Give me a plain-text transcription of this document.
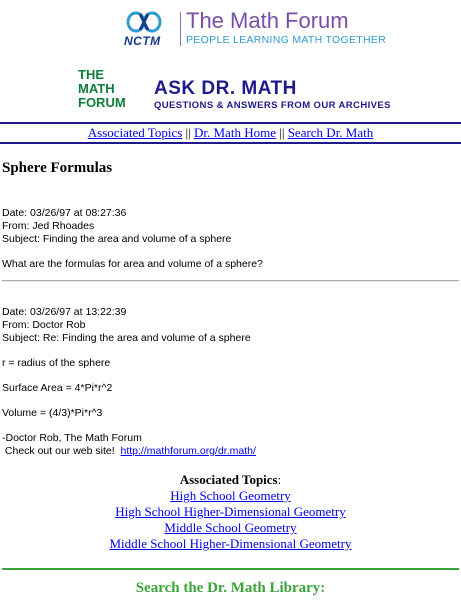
NCTM
The Math Forum
PEOPLE LEARNING MATH TOGETHER
THE
MATH
FORUM
ASK DR. MATH
QUESTIONS & ANSWERS FROM OUR ARCHIVES
Associated Topics || Dr. Math Home || Search Dr. Math
Sphere Formulas

Date: 03/26/97 at 08:27:36

From: Jed Rhoades

Subject: Finding the area and volume of a sphere

What are the formulas for area and volume of a sphere?

Date: 03/26/97 at 13:22:39

From: Doctor Rob

Subject: Re: Finding the area and volume of a sphere

r = radius of the sphere

Surface Area = 4*Pi*r^2

Volume = (4/3)*Pi*r^3

-Doctor Rob, The Math Forum

Check out our web site!  http://mathforum.org/dr.math/

Associated Topics:
High School Geometry
High School Higher-Dimensional Geometry
Middle School Geometry
Middle School Higher-Dimensional Geometry
Search the Dr. Math Library:
